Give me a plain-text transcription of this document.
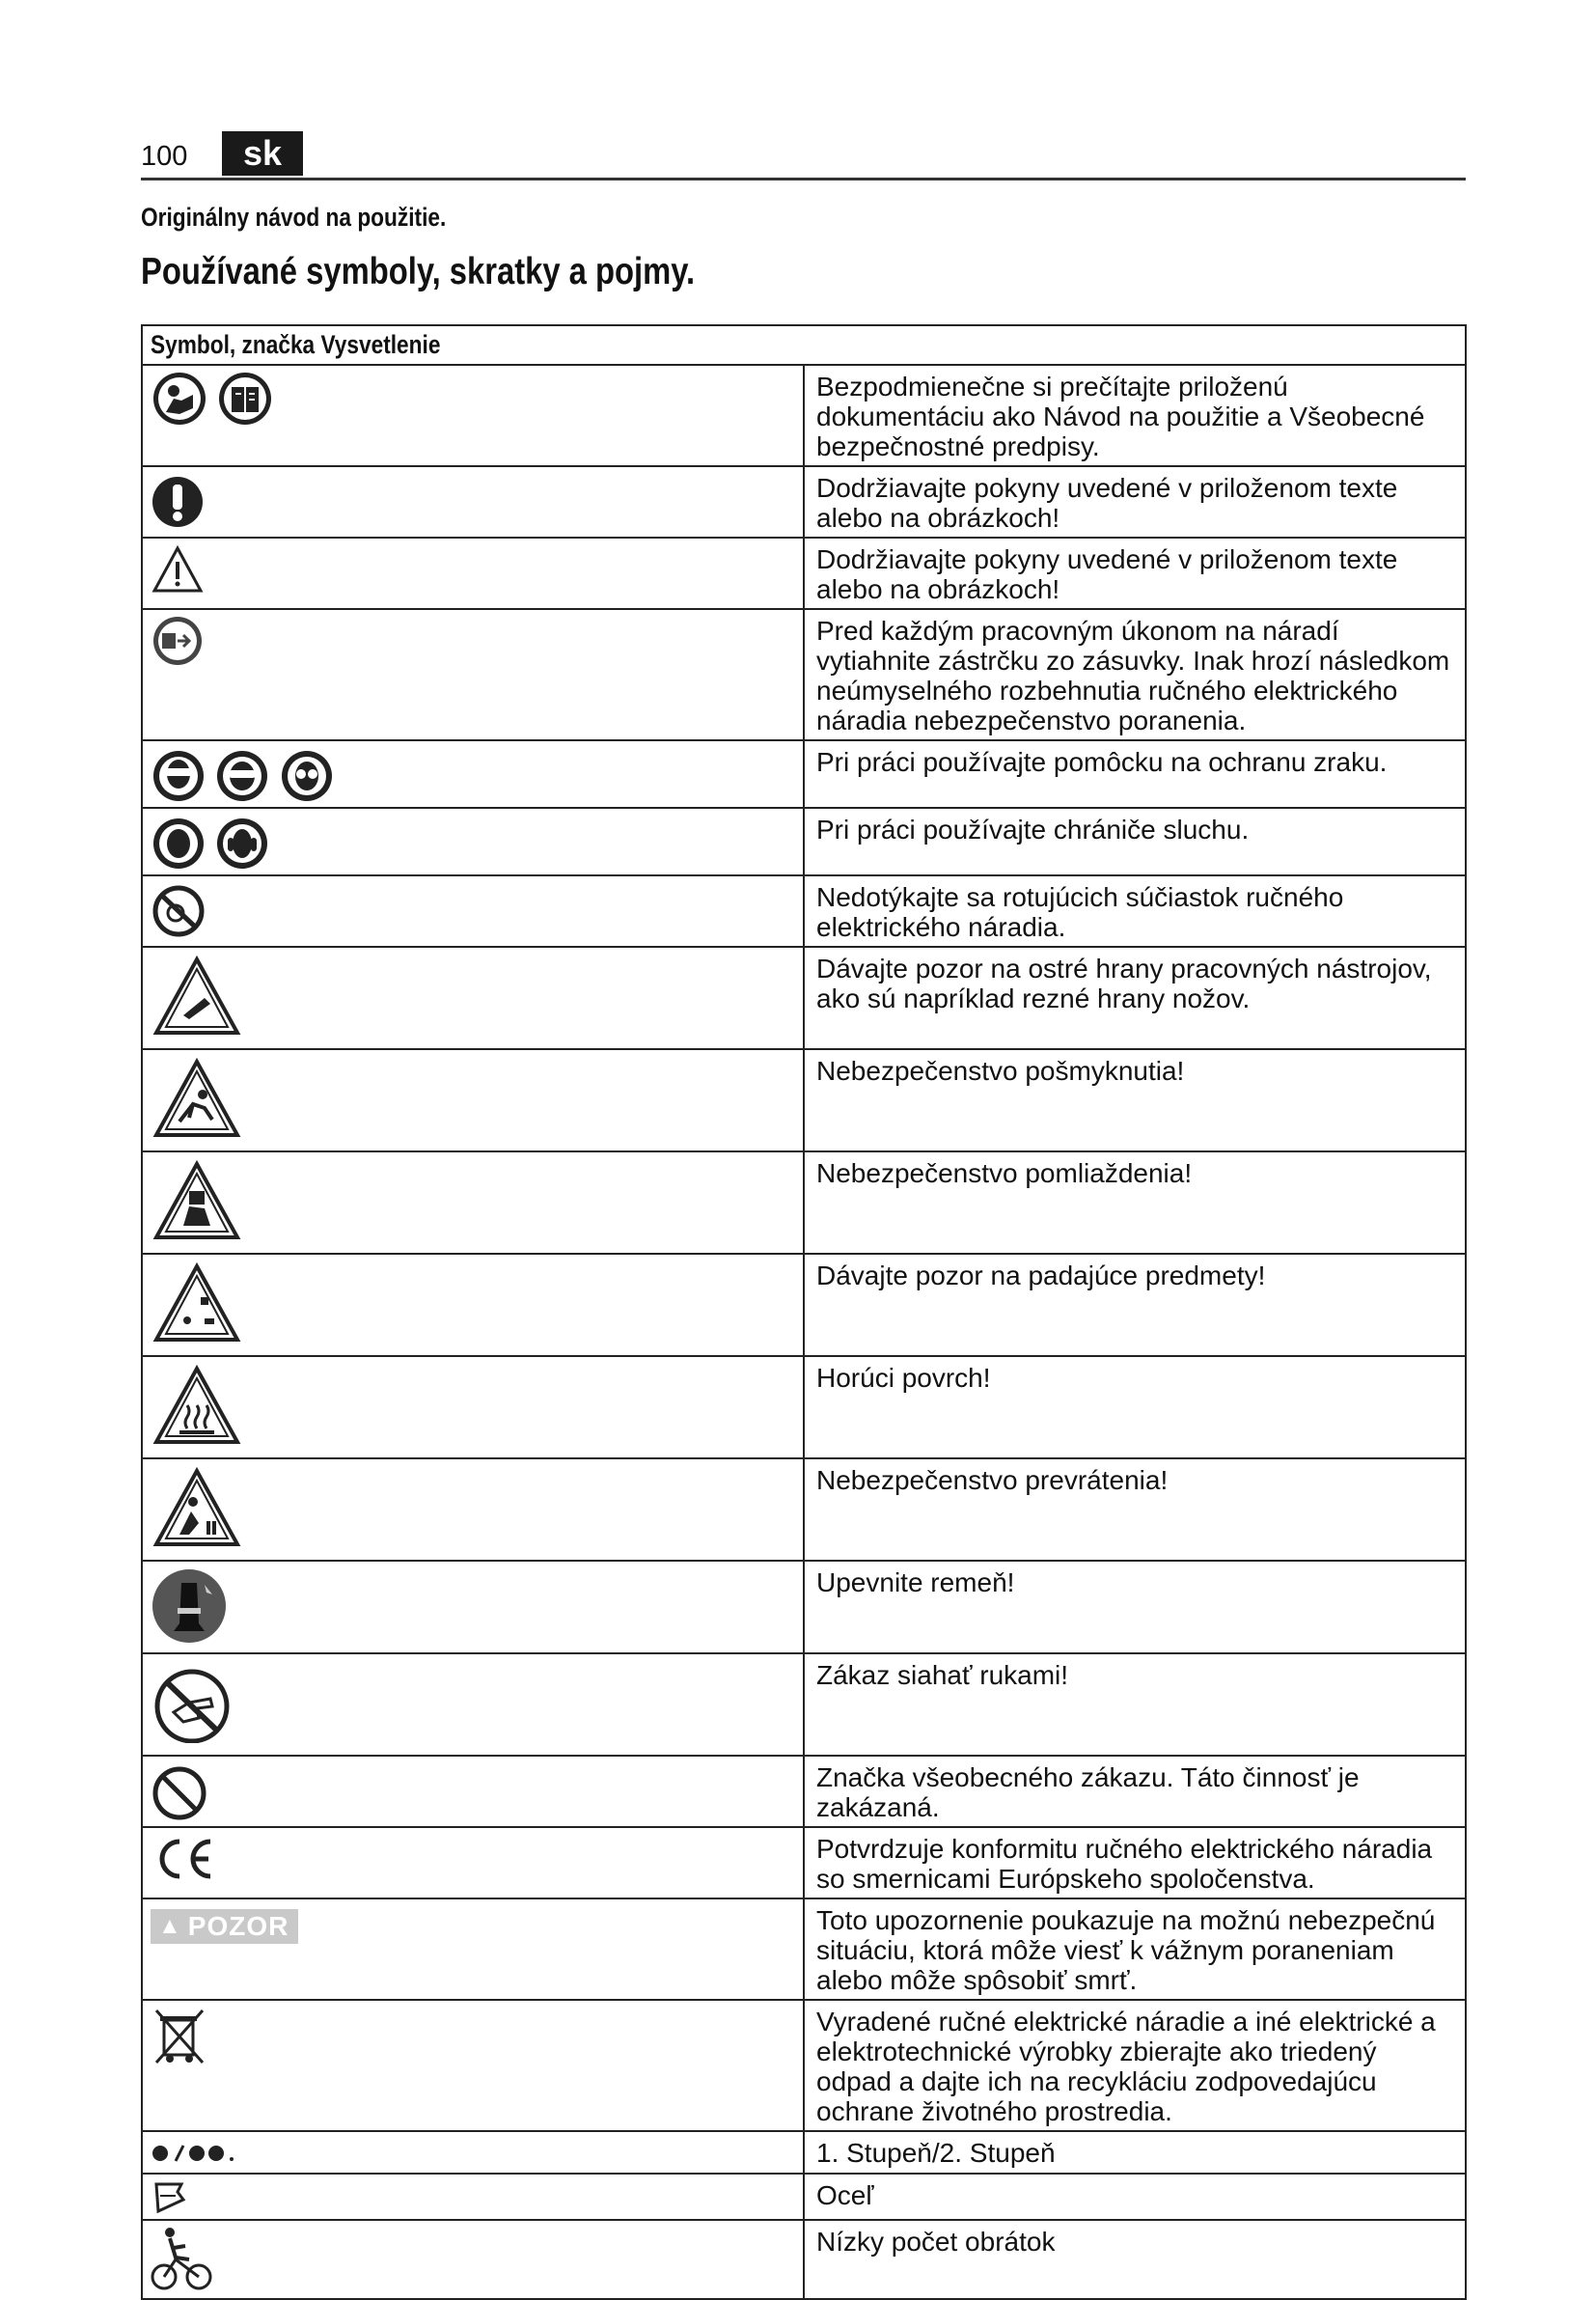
100	sk
Originálny návod na použitie.
Používané symboly, skratky a pojmy.
Symbol, značka Vysvetlenie	
	Bezpodmienečne si prečítajte priloženú dokumentáciu ako Návod na použitie a Všeobecné bezpečnostné predpisy.
	Dodržiavajte pokyny uvedené v priloženom texte alebo na obrázkoch!
	Dodržiavajte pokyny uvedené v priloženom texte alebo na obrázkoch!
	Pred každým pracovným úkonom na náradí vytiahnite zástrčku zo zásuvky. Inak hrozí následkom neúmyselného rozbehnutia ručného elektrického náradia nebezpečenstvo poranenia.
	Pri práci používajte pomôcku na ochranu zraku.
	Pri práci používajte chrániče sluchu.
	Nedotýkajte sa rotujúcich súčiastok ručného elektrického náradia.
	Dávajte pozor na ostré hrany pracovných nástrojov, ako sú napríklad rezné hrany nožov.
	Nebezpečenstvo pošmyknutia!
	Nebezpečenstvo pomliaždenia!
	Dávajte pozor na padajúce predmety!
	Horúci povrch!
	Nebezpečenstvo prevrátenia!
	Upevnite remeň!
	Zákaz siahať rukami!
	Značka všeobecného zákazu. Táto činnosť je zakázaná.
	Potvrdzuje konformitu ručného elektrického náradia so smernicami Európskeho spoločenstva.

▲ POZOR	Toto upozornenie poukazuje na možnú nebezpečnú situáciu, ktorá môže viesť k vážnym poraneniam alebo môže spôsobiť smrť.
	Vyradené ručné elektrické náradie a iné elektrické a elektrotechnické výrobky zbierajte ako triedený odpad a dajte ich na recykláciu zodpovedajúcu ochrane životného prostredia.
	1. Stupeň/2. Stupeň
	Oceľ
	Nízky počet obrátok
